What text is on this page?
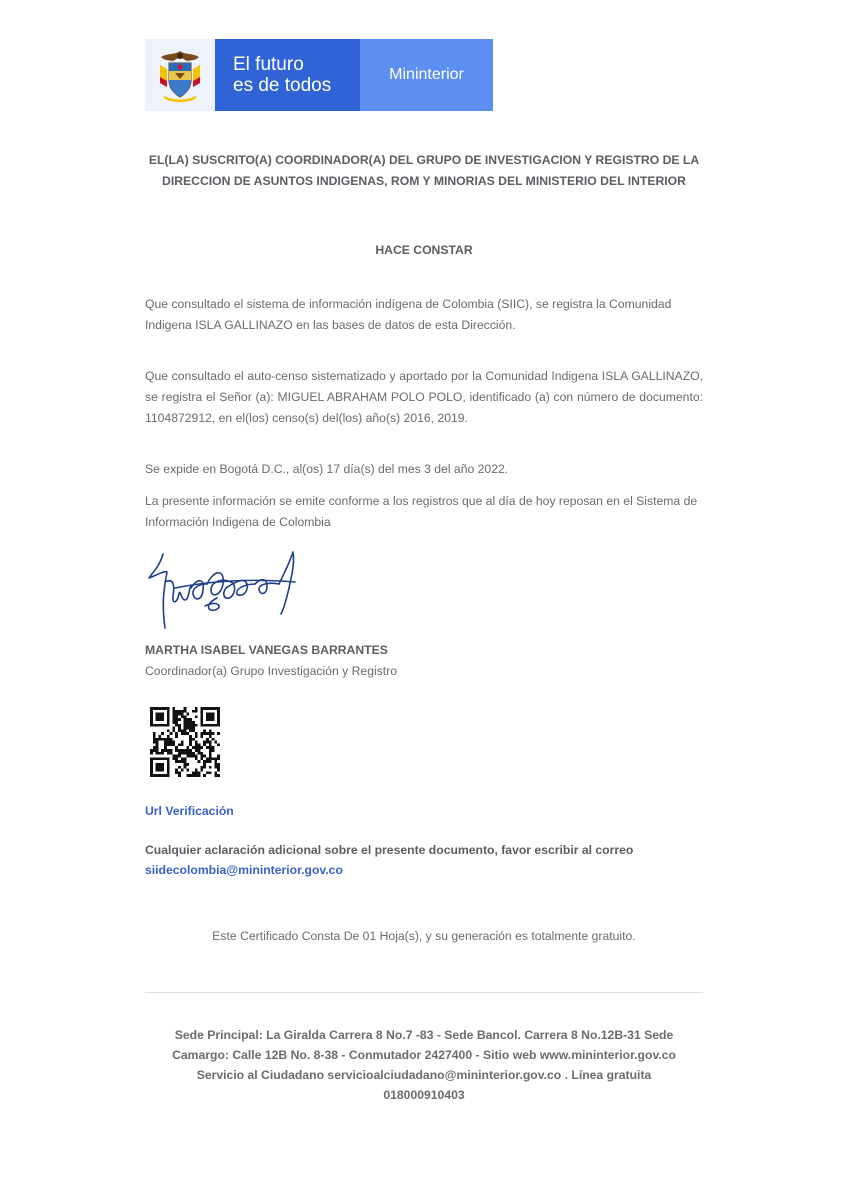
El futuro
es de todos
Mininterior
EL(LA) SUSCRITO(A) COORDINADOR(A) DEL GRUPO DE INVESTIGACION Y REGISTRO DE LA
DIRECCION DE ASUNTOS INDIGENAS, ROM Y MINORIAS DEL MINISTERIO DEL INTERIOR
HACE CONSTAR
Que consultado el sistema de información indígena de Colombia (SIIC), se registra la Comunidad Indigena ISLA GALLINAZO en las bases de datos de esta Dirección.
Que consultado el auto-censo sistematizado y aportado por la Comunidad Indigena ISLA GALLINAZO, se registra el Señor (a): MIGUEL ABRAHAM POLO POLO, identificado (a) con número de documento: 1104872912, en el(los) censo(s) del(los) año(s) 2016, 2019.
Se expide en Bogotá D.C., al(os) 17 día(s) del mes 3 del año 2022.
La presente información se emite conforme a los registros que al día de hoy reposan en el Sistema de Información Indigena de Colombia
MARTHA ISABEL VANEGAS BARRANTES
Coordinador(a) Grupo Investigación y Registro
Url Verificación
Cualquier aclaración adicional sobre el presente documento, favor escribir al correo
siidecolombia@mininterior.gov.co
Este Certificado Consta De 01 Hoja(s), y su generación es totalmente gratuito.
Sede Principal: La Giralda Carrera 8 No.7 -83 - Sede Bancol. Carrera 8 No.12B-31 Sede
Camargo: Calle 12B No. 8-38 - Conmutador 2427400 - Sitio web www.mininterior.gov.co
Servicio al Ciudadano servicioalciudadano@mininterior.gov.co . Línea gratuita
018000910403
